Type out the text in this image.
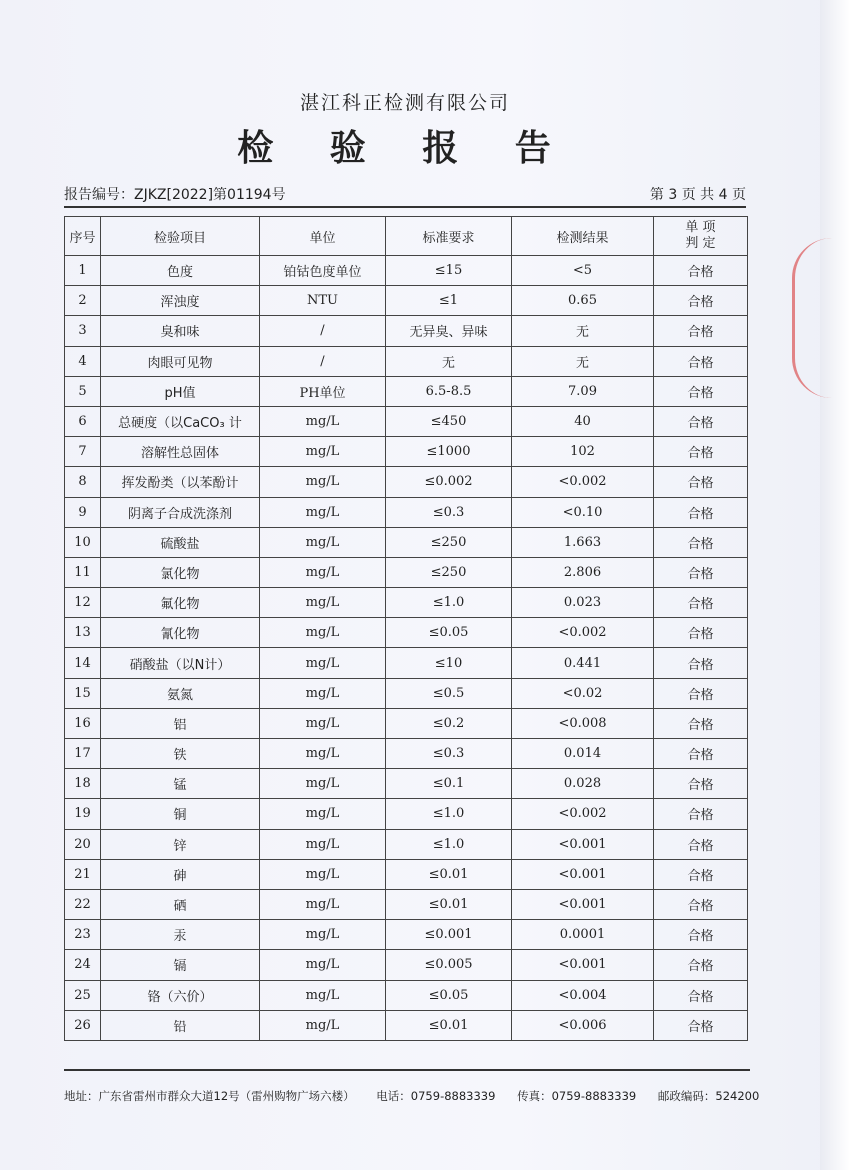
湛江科正检测有限公司
检 验 报 告
报告编号：ZJKZ[2022]第01194号	第 3 页 共 4 页
序号	检验项目	单位	标准要求	检测结果	单 项
判 定
1	色度	铂钴色度单位	≤15	<5	合格
2	浑浊度	NTU	≤1	0.65	合格
3	臭和味	/	无异臭、异味	无	合格
4	肉眼可见物	/	无	无	合格
5	pH值	PH单位	6.5-8.5	7.09	合格
6	总硬度（以CaCO₃ 计	mg/L	≤450	40	合格
7	溶解性总固体	mg/L	≤1000	102	合格
8	挥发酚类（以苯酚计	mg/L	≤0.002	<0.002	合格
9	阴离子合成洗涤剂	mg/L	≤0.3	<0.10	合格
10	硫酸盐	mg/L	≤250	1.663	合格
11	氯化物	mg/L	≤250	2.806	合格
12	氟化物	mg/L	≤1.0	0.023	合格
13	氰化物	mg/L	≤0.05	<0.002	合格
14	硝酸盐（以N计）	mg/L	≤10	0.441	合格
15	氨氮	mg/L	≤0.5	<0.02	合格
16	铝	mg/L	≤0.2	<0.008	合格
17	铁	mg/L	≤0.3	0.014	合格
18	锰	mg/L	≤0.1	0.028	合格
19	铜	mg/L	≤1.0	<0.002	合格
20	锌	mg/L	≤1.0	<0.001	合格
21	砷	mg/L	≤0.01	<0.001	合格
22	硒	mg/L	≤0.01	<0.001	合格
23	汞	mg/L	≤0.001	0.0001	合格
24	镉	mg/L	≤0.005	<0.001	合格
25	铬（六价）	mg/L	≤0.05	<0.004	合格
26	铅	mg/L	≤0.01	<0.006	合格
地址：广东省雷州市群众大道12号（雷州购物广场六楼） 电话：0759-8883339 传真：0759-8883339 邮政编码：524200
